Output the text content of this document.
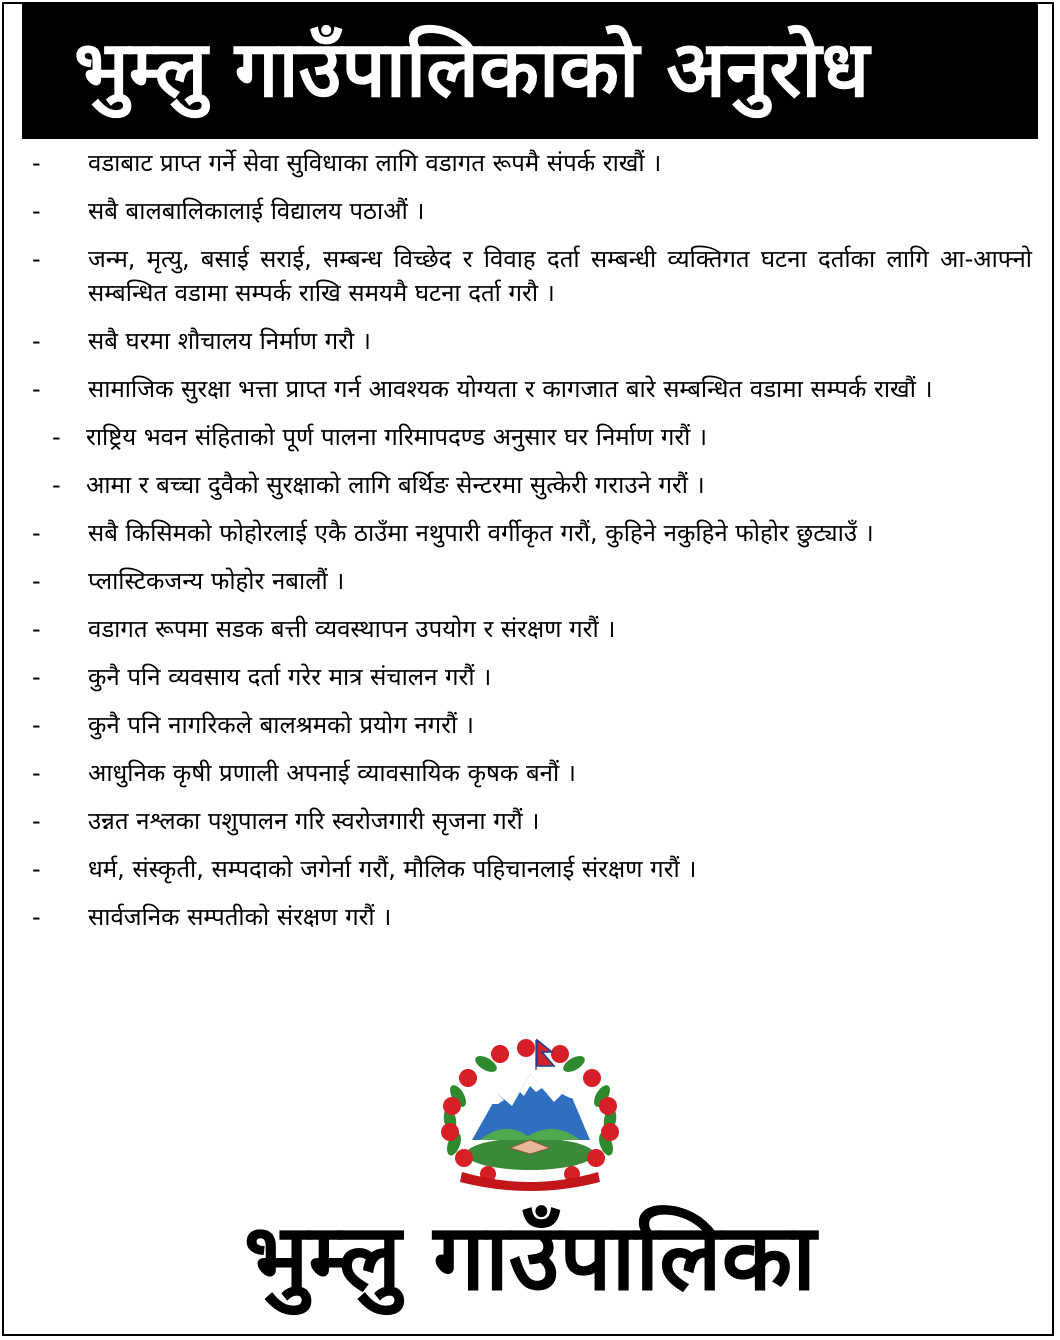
भुम्लु गाउँपालिकाको अनुरोध
-	वडाबाट प्राप्त गर्ने सेवा सुविधाका लागि वडागत रूपमै संपर्क राखौं ।
-	सबै बालबालिकालाई विद्यालय पठाऔं ।
-	जन्म, मृत्यु, बसाई सराई, सम्बन्ध विच्छेद र विवाह दर्ता सम्बन्धी व्यक्तिगत घटना दर्ताका लागि आ-आफ्नो सम्बन्धित वडामा सम्पर्क राखि समयमै घटना दर्ता गरौ ।
-	सबै घरमा शौचालय निर्माण गरौ ।
-	सामाजिक सुरक्षा भत्ता प्राप्त गर्न आवश्यक योग्यता र कागजात बारे सम्बन्धित वडामा सम्पर्क राखौं ।
-	राष्ट्रिय भवन संहिताको पूर्ण पालना गरिमापदण्ड अनुसार घर निर्माण गरौं ।
-	आमा र बच्चा दुवैको सुरक्षाको लागि बर्थिङ सेन्टरमा सुत्केरी गराउने गरौं ।
-	सबै किसिमको फोहोरलाई एकै ठाउँमा नथुपारी वर्गीकृत गरौं, कुहिने नकुहिने फोहोर छुट्याउँ ।
-	प्लास्टिकजन्य फोहोर नबालौं ।
-	वडागत रूपमा सडक बत्ती व्यवस्थापन उपयोग र संरक्षण गरौं ।
-	कुनै पनि व्यवसाय दर्ता गरेर मात्र संचालन गरौं ।
-	कुनै पनि नागरिकले बालश्रमको प्रयोग नगरौं ।
-	आधुनिक कृषी प्रणाली अपनाई व्यावसायिक कृषक बनौं ।
-	उन्नत नश्लका पशुपालन गरि स्वरोजगारी सृजना गरौं ।
-	धर्म, संस्कृती, सम्पदाको जगेर्ना गरौं, मौलिक पहिचानलाई संरक्षण गरौं ।
-	सार्वजनिक सम्पतीको संरक्षण गरौं ।
भुम्लु गाउँपालिका
